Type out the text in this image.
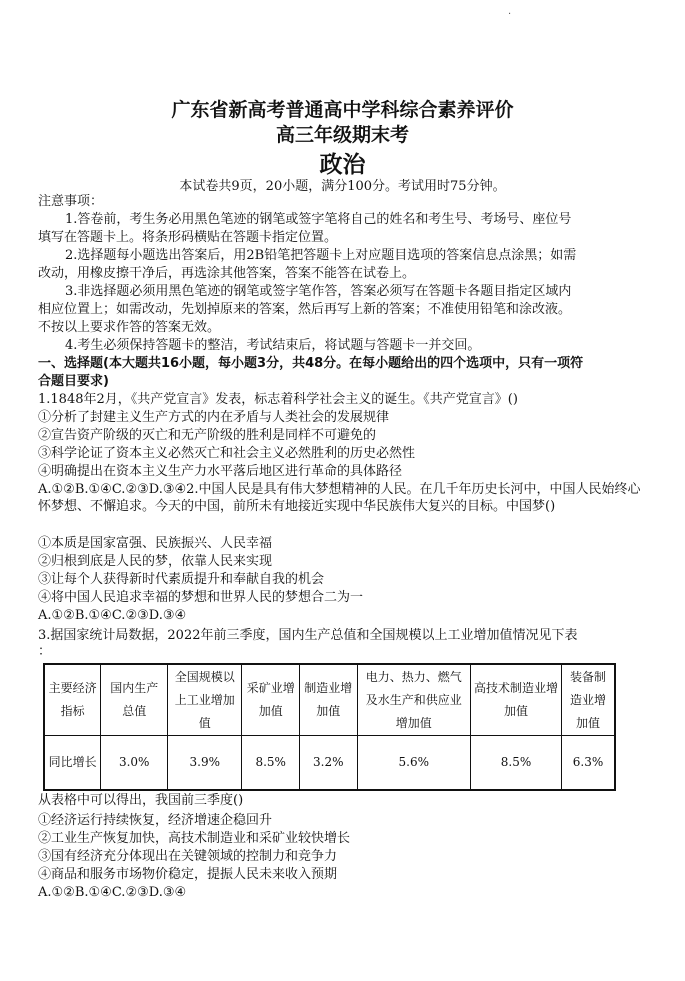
.
广东省新高考普通高中学科综合素养评价
高三年级期末考
政治
本试卷共9页，20小题，满分100分。考试用时75分钟。
注意事项：
1.答卷前，考生务必用黑色笔迹的钢笔或签字笔将自己的姓名和考生号、考场号、座位号
填写在答题卡上。将条形码横贴在答题卡指定位置。
2.选择题每小题选出答案后，用2B铅笔把答题卡上对应题目选项的答案信息点涂黑；如需
改动，用橡皮擦干净后，再选涂其他答案，答案不能答在试卷上。
3.非选择题必须用黑色笔迹的钢笔或签字笔作答，答案必须写在答题卡各题目指定区域内
相应位置上；如需改动，先划掉原来的答案，然后再写上新的答案；不准使用铅笔和涂改液。
不按以上要求作答的答案无效。
4.考生必须保持答题卡的整洁，考试结束后，将试题与答题卡一并交回。
一、选择题(本大题共16小题，每小题3分，共48分。在每小题给出的四个选项中，只有一项符
合题目要求)
1.1848年2月，《共产党宣言》发表，标志着科学社会主义的诞生。《共产党宣言》()
①分析了封建主义生产方式的内在矛盾与人类社会的发展规律
②宣告资产阶级的灭亡和无产阶级的胜利是同样不可避免的
③科学论证了资本主义必然灭亡和社会主义必然胜利的历史必然性
④明确提出在资本主义生产力水平落后地区进行革命的具体路径
A.①②B.①④C.②③D.③④2.中国人民是具有伟大梦想精神的人民。在几千年历史长河中，中国人民始终心怀梦想、不懈追求。今天的中国，前所未有地接近实现中华民族伟大复兴的目标。中国梦()
①本质是国家富强、民族振兴、人民幸福
②归根到底是人民的梦，依靠人民来实现
③让每个人获得新时代素质提升和奉献自我的机会
④将中国人民追求幸福的梦想和世界人民的梦想合二为一
A.①②B.①④C.②③D.③④
3.据国家统计局数据，2022年前三季度，国内生产总值和全国规模以上工业增加值情况见下表
：
主要经济指标	国内生产总值	全国规模以上工业增加值	采矿业增加值	制造业增加值	电力、热力、燃气及水生产和供应业增加值	高技术制造业增加值	装备制造业增加值
同比增长	3.0%	3.9%	8.5%	3.2%	5.6%	8.5%	6.3%
从表格中可以得出，我国前三季度()
①经济运行持续恢复，经济增速企稳回升
②工业生产恢复加快，高技术制造业和采矿业较快增长
③国有经济充分体现出在关键领域的控制力和竞争力
④商品和服务市场物价稳定，提振人民未来收入预期
A.①②B.①④C.②③D.③④
